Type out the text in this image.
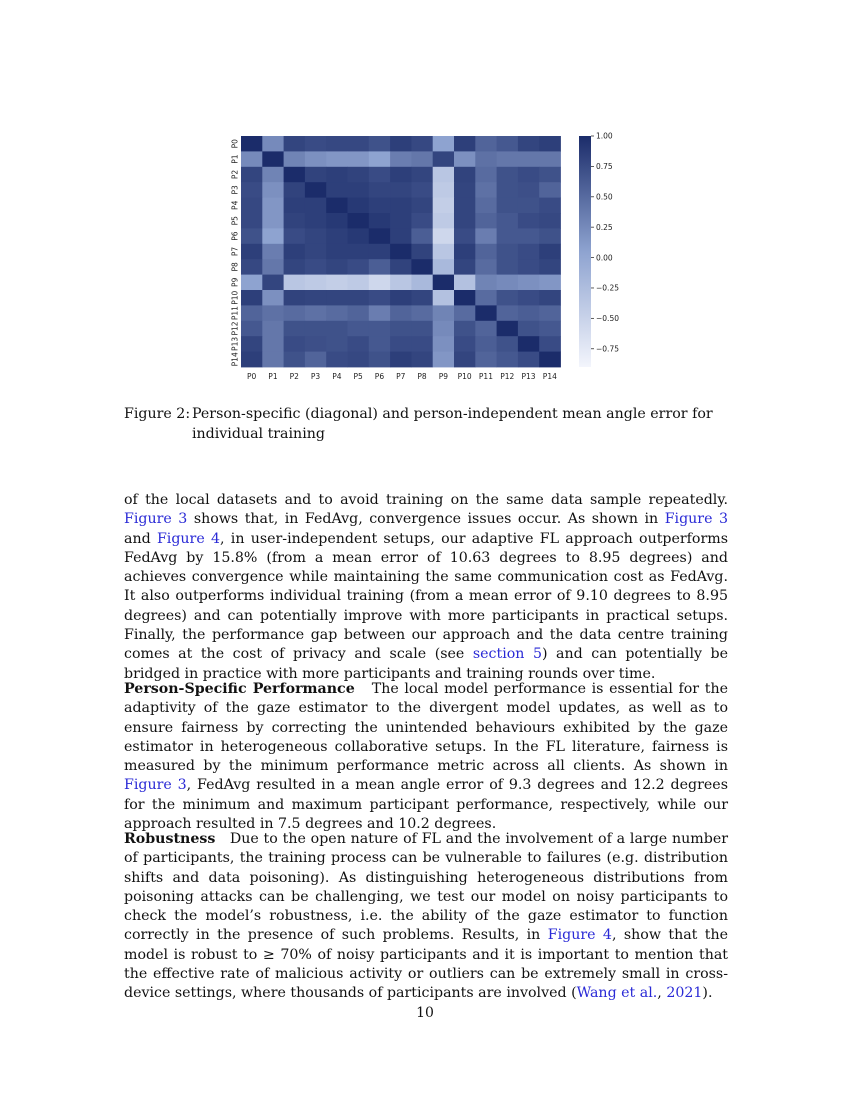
P0 P1 P2 P3 P4 P5 P6 P7 P8 P9 P10 P11 P12 P13 P14
P0
P1
P2
P3
P4
P5
P6
P7
P8
P9
P10
P11
P12
P13
P14
1.00
0.75
0.50
0.25
0.00
−0.25
−0.50
−0.75
Figure 2: Person-specific (diagonal) and person-independent mean angle error for individual training

of the local datasets and to avoid training on the same data sample repeatedly. Figure 3 shows that, in FedAvg, convergence issues occur. As shown in Figure 3 and Figure 4, in user-independent setups, our adaptive FL approach outperforms FedAvg by 15.8% (from a mean error of 10.63 degrees to 8.95 degrees) and achieves convergence while maintaining the same communication cost as FedAvg. It also outperforms individual training (from a mean error of 9.10 degrees to 8.95 degrees) and can potentially improve with more participants in practical setups. Finally, the performance gap between our approach and the data centre training comes at the cost of privacy and scale (see section 5) and can potentially be bridged in practice with more participants and training rounds over time.

Person-Specific Performance The local model performance is essential for the adaptivity of the gaze estimator to the divergent model updates, as well as to ensure fairness by correcting the unintended behaviours exhibited by the gaze estimator in heterogeneous collaborative setups. In the FL literature, fairness is measured by the minimum performance metric across all clients. As shown in Figure 3, FedAvg resulted in a mean angle error of 9.3 degrees and 12.2 degrees for the minimum and maximum participant performance, respectively, while our approach resulted in 7.5 degrees and 10.2 degrees.

Robustness Due to the open nature of FL and the involvement of a large number of participants, the training process can be vulnerable to failures (e.g. distribution shifts and data poisoning). As distinguishing heterogeneous distributions from poisoning attacks can be challenging, we test our model on noisy participants to check the model’s robustness, i.e. the ability of the gaze estimator to function correctly in the presence of such problems. Results, in Figure 4, show that the model is robust to ≥ 70% of noisy participants and it is important to mention that the effective rate of malicious activity or outliers can be extremely small in cross-device settings, where thousands of participants are involved (Wang et al., 2021).

10
